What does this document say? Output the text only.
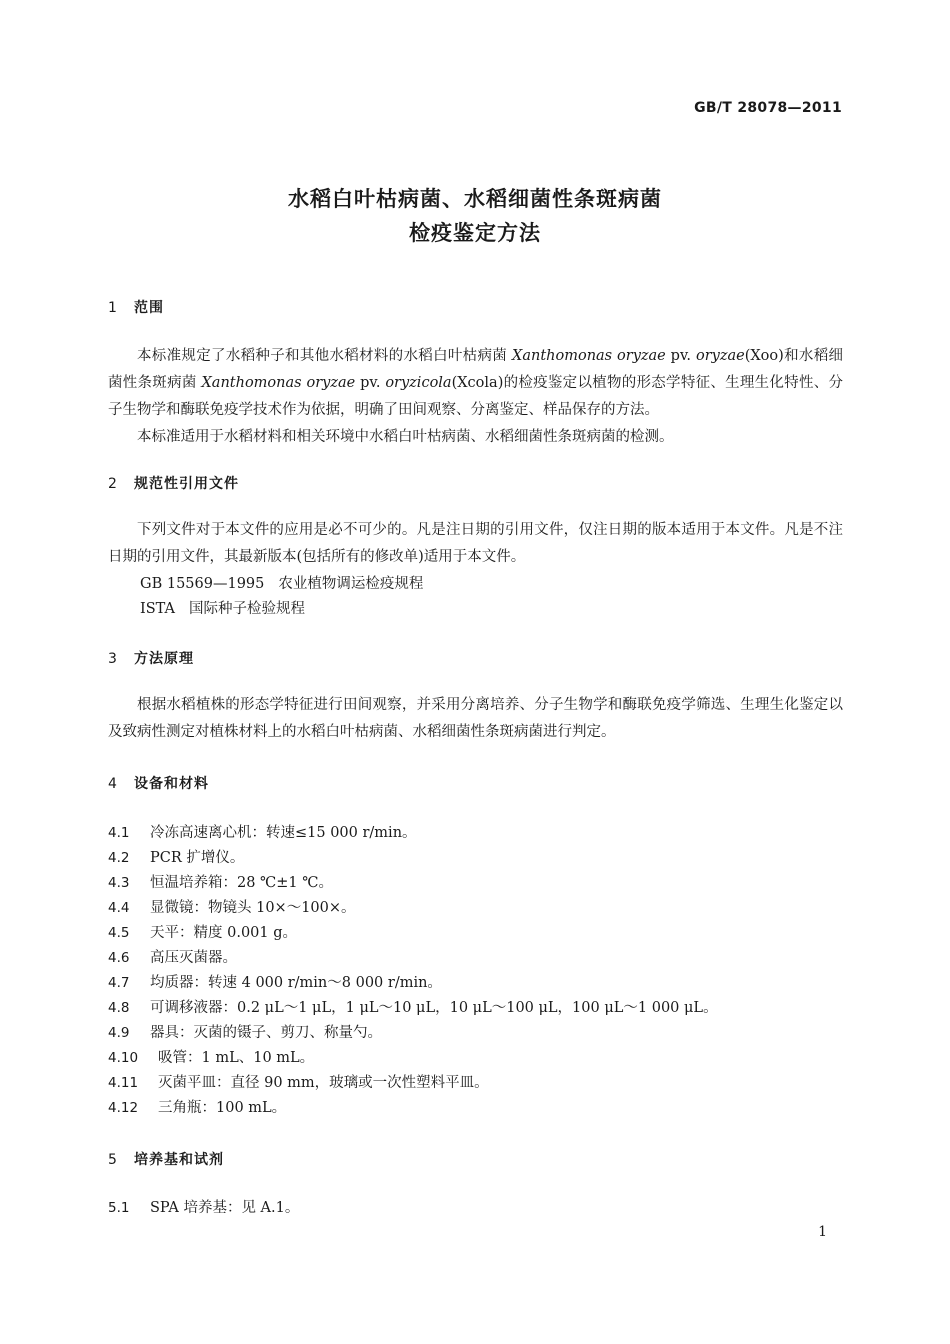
GB/T 28078—2011
水稻白叶枯病菌、水稻细菌性条斑病菌
检疫鉴定方法
1 范围

本标准规定了水稻种子和其他水稻材料的水稻白叶枯病菌 Xanthomonas oryzae pv. oryzae(Xoo)和水稻细菌性条斑病菌 Xanthomonas oryzae pv. oryzicola(Xcola)的检疫鉴定以植物的形态学特征、生理生化特性、分子生物学和酶联免疫学技术作为依据，明确了田间观察、分离鉴定、样品保存的方法。

本标准适用于水稻材料和相关环境中水稻白叶枯病菌、水稻细菌性条斑病菌的检测。

2 规范性引用文件

下列文件对于本文件的应用是必不可少的。凡是注日期的引用文件，仅注日期的版本适用于本文件。凡是不注日期的引用文件，其最新版本(包括所有的修改单)适用于本文件。

GB 15569—1995 农业植物调运检疫规程
ISTA 国际种子检验规程
3 方法原理

根据水稻植株的形态学特征进行田间观察，并采用分离培养、分子生物学和酶联免疫学筛选、生理生化鉴定以及致病性测定对植株材料上的水稻白叶枯病菌、水稻细菌性条斑病菌进行判定。

4 设备和材料
4.1 冷冻高速离心机：转速≤15 000 r/min。
4.2 PCR 扩增仪。
4.3 恒温培养箱：28 ℃±1 ℃。
4.4 显微镜：物镜头 10×～100×。
4.5 天平：精度 0.001 g。
4.6 高压灭菌器。
4.7 均质器：转速 4 000 r/min～8 000 r/min。
4.8 可调移液器：0.2 μL～1 μL，1 μL～10 μL，10 μL～100 μL，100 μL～1 000 μL。
4.9 器具：灭菌的镊子、剪刀、称量勺。
4.10 吸管：1 mL、10 mL。
4.11 灭菌平皿：直径 90 mm，玻璃或一次性塑料平皿。
4.12 三角瓶：100 mL。
5 培养基和试剂
5.1 SPA 培养基：见 A.1。
1
